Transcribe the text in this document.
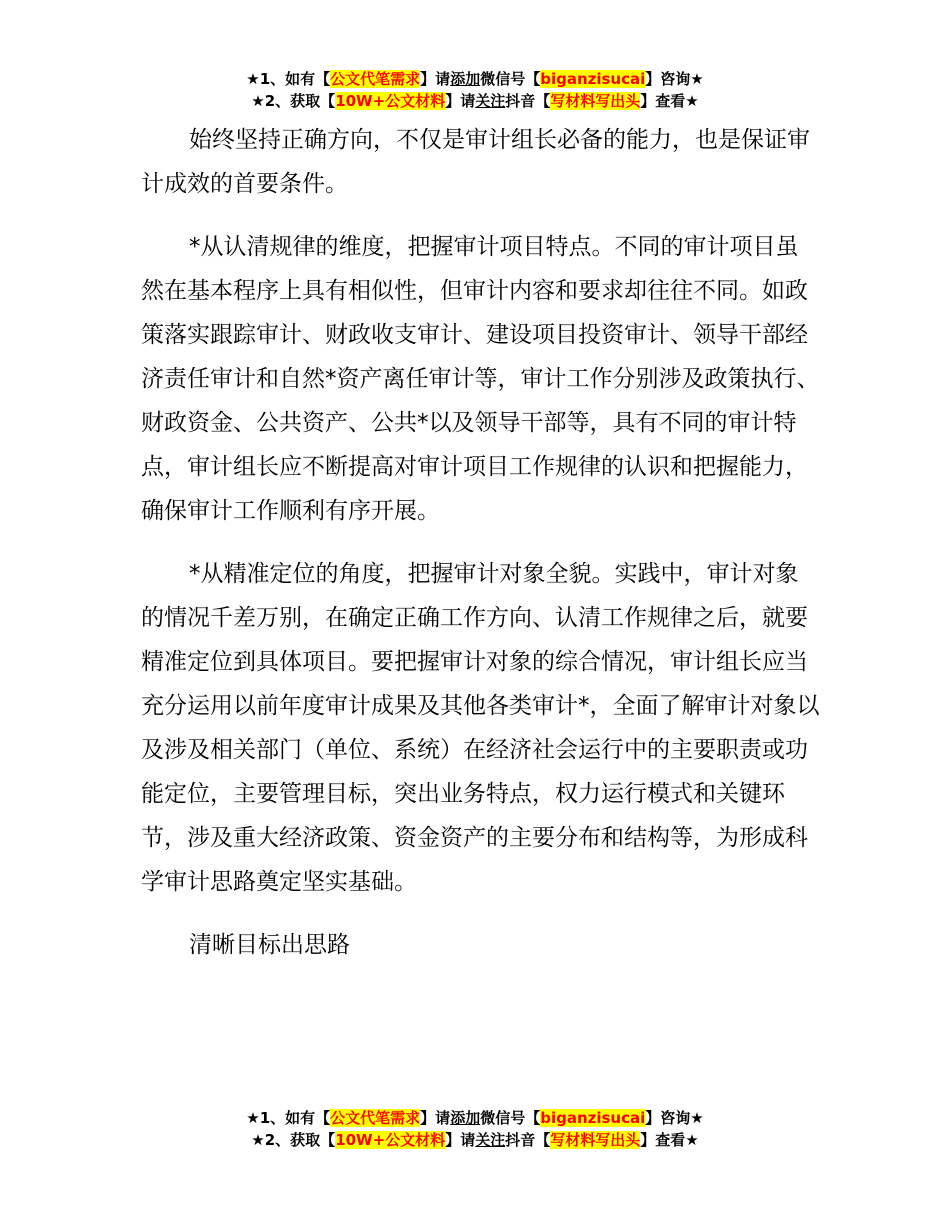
★1、如有【公文代笔需求】请添加微信号【biganzisucai】咨询★
★2、获取【10W+公文材料】请关注抖音【写材料写出头】查看★

始终坚持正确方向，不仅是审计组长必备的能力，也是保证审计成效的首要条件。

*从认清规律的维度，把握审计项目特点。不同的审计项目虽然在基本程序上具有相似性，但审计内容和要求却往往不同。如政策落实跟踪审计、财政收支审计、建设项目投资审计、领导干部经济责任审计和自然*资产离任审计等，审计工作分别涉及政策执行、财政资金、公共资产、公共*以及领导干部等，具有不同的审计特点，审计组长应不断提高对审计项目工作规律的认识和把握能力，确保审计工作顺利有序开展。

*从精准定位的角度，把握审计对象全貌。实践中，审计对象的情况千差万别，在确定正确工作方向、认清工作规律之后，就要精准定位到具体项目。要把握审计对象的综合情况，审计组长应当充分运用以前年度审计成果及其他各类审计*，全面了解审计对象以及涉及相关部门（单位、系统）在经济社会运行中的主要职责或功能定位，主要管理目标，突出业务特点，权力运行模式和关键环节，涉及重大经济政策、资金资产的主要分布和结构等，为形成科学审计思路奠定坚实基础。

清晰目标出思路

★1、如有【公文代笔需求】请添加微信号【biganzisucai】咨询★
★2、获取【10W+公文材料】请关注抖音【写材料写出头】查看★
